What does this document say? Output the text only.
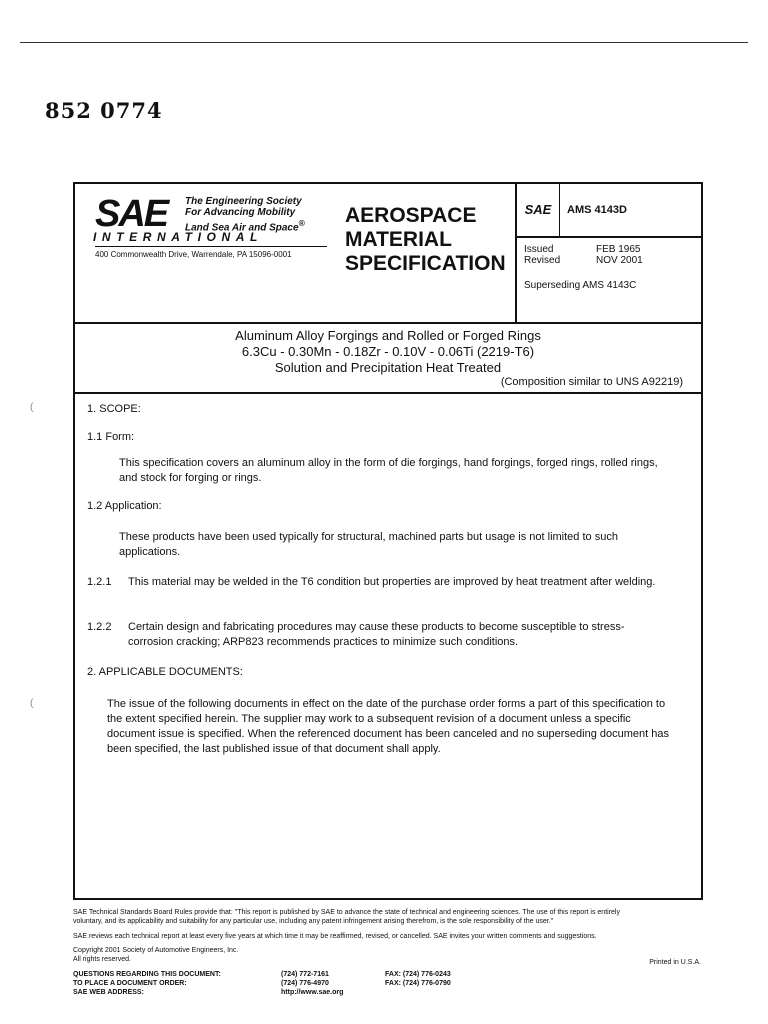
852 0774
(
(
SAE The Engineering Society
For Advancing Mobility
Land Sea Air and Space®
INTERNATIONAL
400 Commonwealth Drive, Warrendale, PA 15096-0001
AEROSPACE
MATERIAL
SPECIFICATION
SAE	AMS 4143D
Issued	FEB 1965
Revised	NOV 2001
Superseding AMS 4143C
Aluminum Alloy Forgings and Rolled or Forged Rings
6.3Cu - 0.30Mn - 0.18Zr - 0.10V - 0.06Ti (2219-T6)
Solution and Precipitation Heat Treated
(Composition similar to UNS A92219)
1. SCOPE:
1.1 Form:
This specification covers an aluminum alloy in the form of die forgings, hand forgings, forged rings, rolled rings, and stock for forging or rings.
1.2 Application:
These products have been used typically for structural, machined parts but usage is not limited to such applications.
1.2.1 This material may be welded in the T6 condition but properties are improved by heat treatment after welding.
1.2.2 Certain design and fabricating procedures may cause these products to become susceptible to stress-corrosion cracking; ARP823 recommends practices to minimize such conditions.
2. APPLICABLE DOCUMENTS:
The issue of the following documents in effect on the date of the purchase order forms a part of this specification to the extent specified herein. The supplier may work to a subsequent revision of a document unless a specific document issue is specified. When the referenced document has been canceled and no superseding document has been specified, the last published issue of that document shall apply.
SAE Technical Standards Board Rules provide that: "This report is published by SAE to advance the state of technical and engineering sciences. The use of this report is entirely
voluntary, and its applicability and suitability for any particular use, including any patent infringement arising therefrom, is the sole responsibility of the user."
SAE reviews each technical report at least every five years at which time it may be reaffirmed, revised, or cancelled. SAE invites your written comments and suggestions.
Copyright 2001 Society of Automotive Engineers, Inc.
All rights reserved.	Printed in U.S.A.
QUESTIONS REGARDING THIS DOCUMENT:	(724) 772-7161	FAX: (724) 776-0243
TO PLACE A DOCUMENT ORDER:	(724) 776-4970	FAX: (724) 776-0790
SAE WEB ADDRESS:	http://www.sae.org
